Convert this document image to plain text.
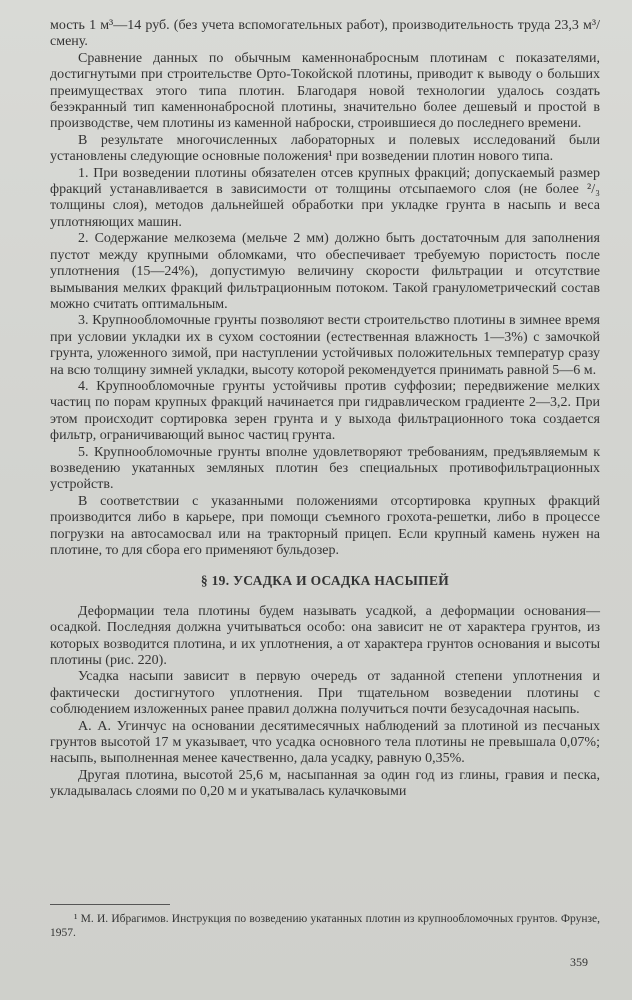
мость 1 м³—14 руб. (без учета вспомогательных работ), производительность труда 23,3 м³/смену.

Сравнение данных по обычным каменнонабросным плотинам с показателями, достигнутыми при строительстве Орто-Токойской плотины, приводит к выводу о больших преимуществах этого типа плотин. Благодаря новой технологии удалось создать безэкранный тип каменнонабросной плотины, значительно более дешевый и простой в производстве, чем плотины из каменной наброски, строившиеся до последнего времени.

В результате многочисленных лабораторных и полевых исследований были установлены следующие основные положения¹ при возведении плотин нового типа.

1. При возведении плотины обязателен отсев крупных фракций; допускаемый размер фракций устанавливается в зависимости от толщины отсыпаемого слоя (не более ²/₃ толщины слоя), методов дальнейшей обработки при укладке грунта в насыпь и веса уплотняющих машин.

2. Содержание мелкозема (мельче 2 мм) должно быть достаточным для заполнения пустот между крупными обломками, что обеспечивает требуемую пористость после уплотнения (15—24%), допустимую величину скорости фильтрации и отсутствие вымывания мелких фракций фильтрационным потоком. Такой гранулометрический состав можно считать оптимальным.

3. Крупнообломочные грунты позволяют вести строительство плотины в зимнее время при условии укладки их в сухом состоянии (естественная влажность 1—3%) с замочкой грунта, уложенного зимой, при наступлении устойчивых положительных температур сразу на всю толщину зимней укладки, высоту которой рекомендуется принимать равной 5—6 м.

4. Крупнообломочные грунты устойчивы против суффозии; передвижение мелких частиц по порам крупных фракций начинается при гидравлическом градиенте 2—3,2. При этом происходит сортировка зерен грунта и у выхода фильтрационного тока создается фильтр, ограничивающий вынос частиц грунта.

5. Крупнообломочные грунты вполне удовлетворяют требованиям, предъявляемым к возведению укатанных земляных плотин без специальных противофильтрационных устройств.

В соответствии с указанными положениями отсортировка крупных фракций производится либо в карьере, при помощи съемного грохота-решетки, либо в процессе погрузки на автосамосвал или на тракторный прицеп. Если крупный камень нужен на плотине, то для сбора его применяют бульдозер.

§ 19. УСАДКА И ОСАДКА НАСЫПЕЙ

Деформации тела плотины будем называть усадкой, а деформации основания—осадкой. Последняя должна учитываться особо: она зависит не от характера грунтов, из которых возводится плотина, и их уплотнения, а от характера грунтов основания и высоты плотины (рис. 220).

Усадка насыпи зависит в первую очередь от заданной степени уплотнения и фактически достигнутого уплотнения. При тщательном возведении плотины с соблюдением изложенных ранее правил должна получиться почти безусадочная насыпь.

А. А. Угинчус на основании десятимесячных наблюдений за плотиной из песчаных грунтов высотой 17 м указывает, что усадка основного тела плотины не превышала 0,07%; насыпь, выполненная менее качественно, дала усадку, равную 0,35%.

Другая плотина, высотой 25,6 м, насыпанная за один год из глины, гравия и песка, укладывалась слоями по 0,20 м и укатывалась кулачковыми

¹ М. И. Ибрагимов. Инструкция по возведению укатанных плотин из крупнообломочных грунтов. Фрунзе, 1957.

359
